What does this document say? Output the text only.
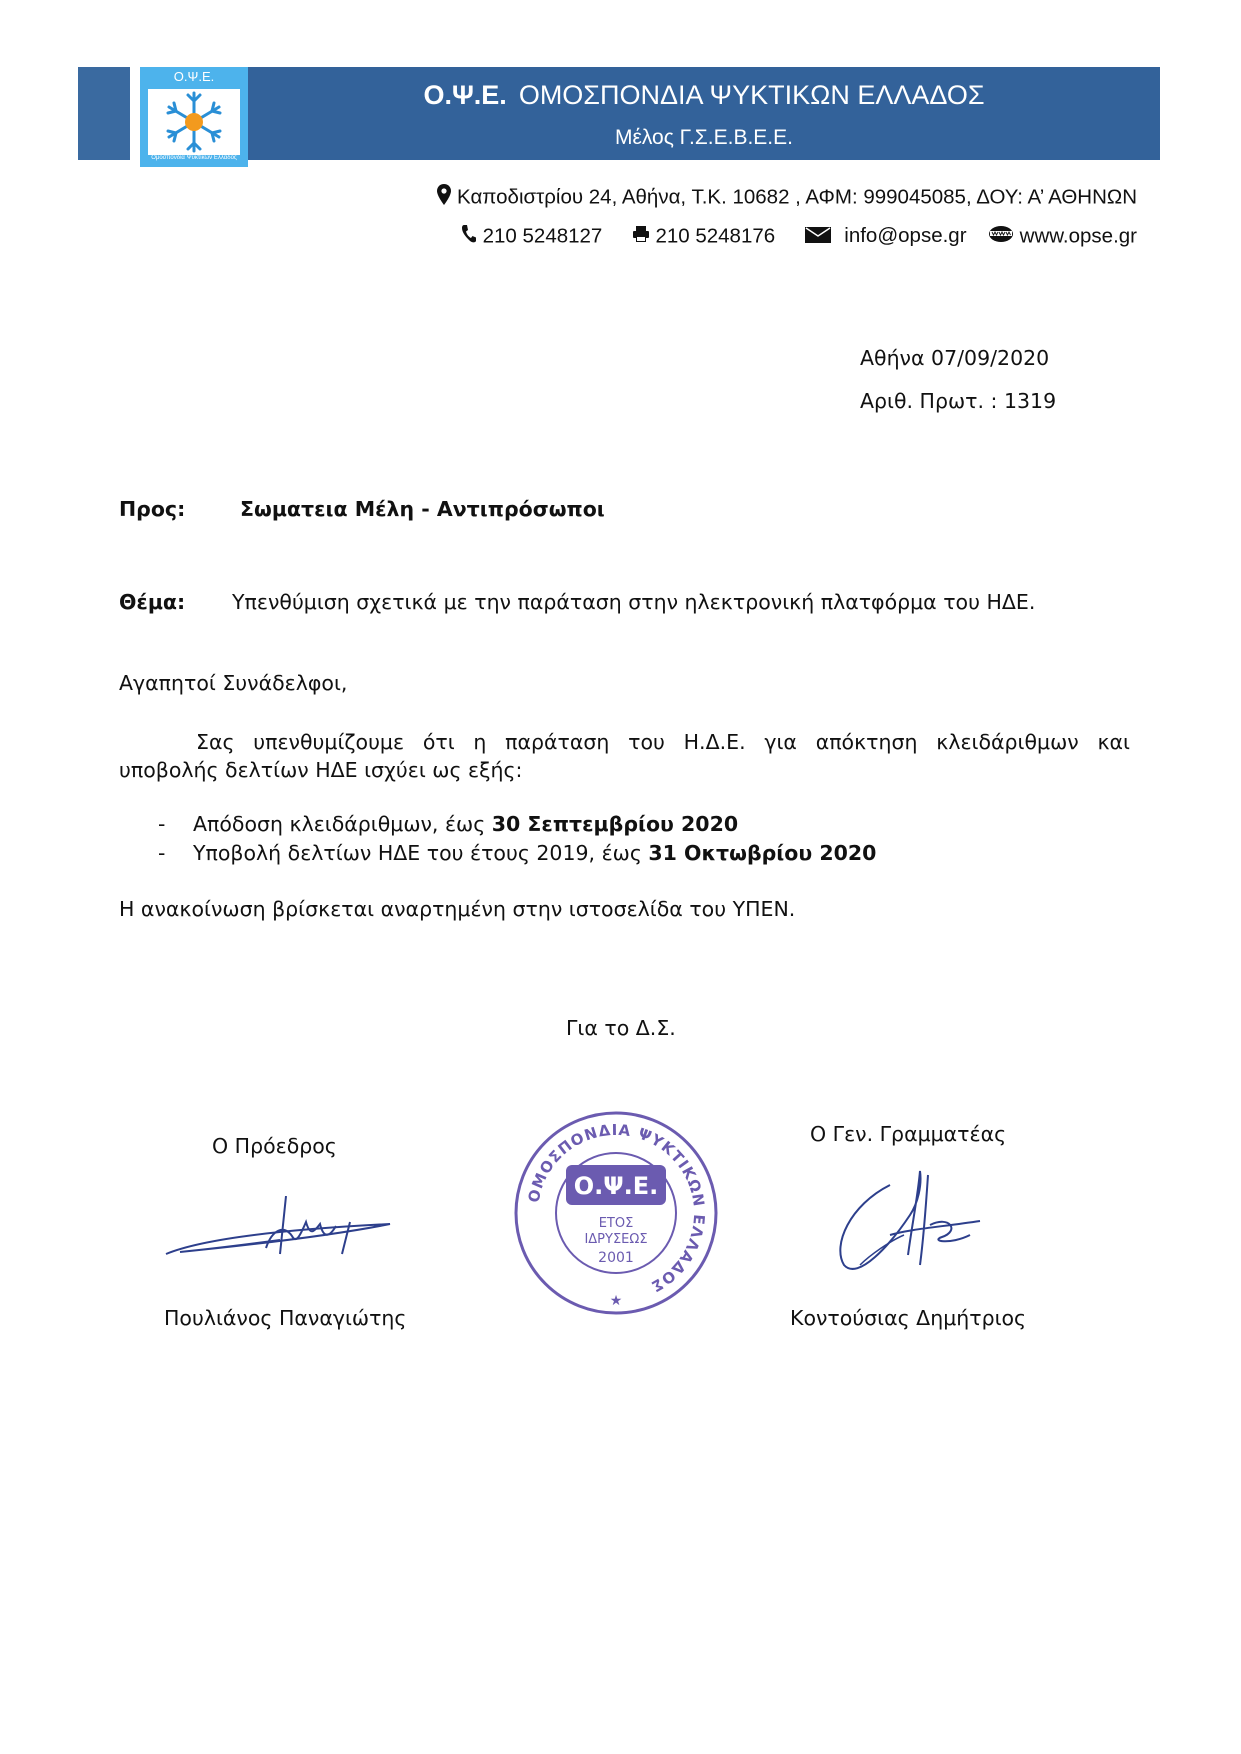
Ο.Ψ.Ε.
Ομοσπονδία Ψυκτικών Ελλάδος
Ο.Ψ.Ε. ΟΜΟΣΠΟΝΔΙΑ ΨΥΚΤΙΚΩΝ ΕΛΛΑΔΟΣ
Μέλος Γ.Σ.Ε.Β.Ε.Ε.
Καποδιστρίου 24, Αθήνα, Τ.Κ. 10682 , ΑΦΜ: 999045085, ΔΟΥ: Α’ ΑΘΗΝΩΝ
210 5248127	210 5248176	info@opse.gr	www.opse.gr
Αθήνα 07/09/2020
Αριθ. Πρωτ. : 1319
Προς:	Σωματεια Μέλη - Αντιπρόσωποι
Θέμα: Υπενθύμιση σχετικά με την παράταση στην ηλεκτρονική πλατφόρμα του ΗΔΕ.
Αγαπητοί Συνάδελφοι,
Σας υπενθυμίζουμε ότι η παράταση του Η.Δ.Ε. για απόκτηση κλειδάριθμων και
υποβολής δελτίων ΗΔΕ ισχύει ως εξής:
- Απόδοση κλειδάριθμων, έως 30 Σεπτεμβρίου 2020
- Υποβολή δελτίων ΗΔΕ του έτους 2019, έως 31 Οκτωβρίου 2020
Η ανακοίνωση βρίσκεται αναρτημένη στην ιστοσελίδα του ΥΠΕΝ.
Για το Δ.Σ.
Ο Πρόεδρος
Πουλιάνος Παναγιώτης
ΟΜΟΣΠΟΝΔΙΑ ΨΥΚΤΙΚΩΝ ΕΛΛΑΔΟΣ
Ο.Ψ.Ε.
ΕΤΟΣ
ΙΔΡΥΣΕΩΣ
2001
★
Ο Γεν. Γραμματέας
Κοντούσιας Δημήτριος
